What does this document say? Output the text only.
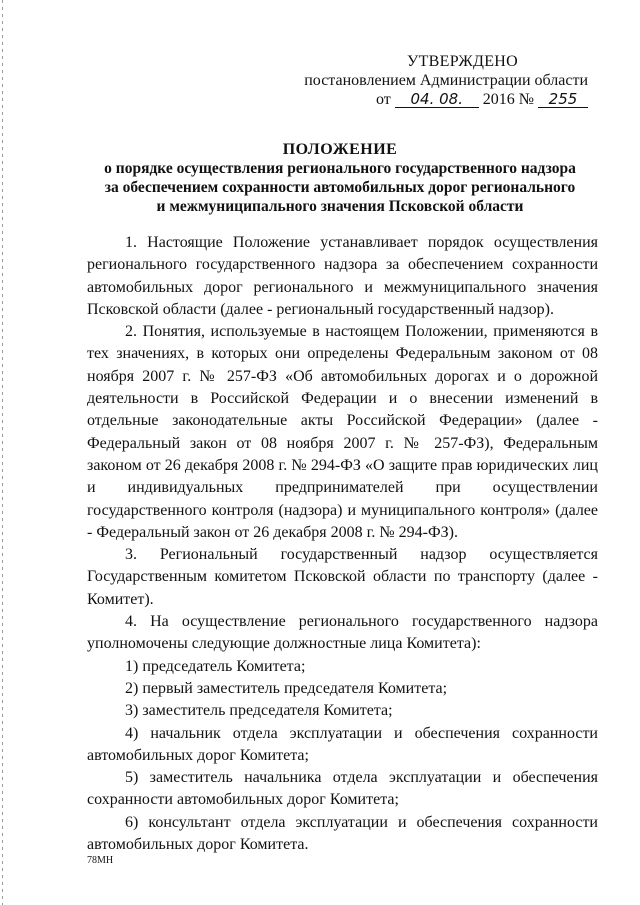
УТВЕРЖДЕНО
постановлением Администрации области
от 04. 08. 2016 № 255
ПОЛОЖЕНИЕ
о порядке осуществления регионального государственного надзора
за обеспечением сохранности автомобильных дорог регионального
и межмуниципального значения Псковской области

1. Настоящие Положение устанавливает порядок осуществления регионального государственного надзора за обеспечением сохранности автомобильных дорог регионального и межмуниципального значения Псковской области (далее - региональный государственный надзор).

2. Понятия, используемые в настоящем Положении, применяются в тех значениях, в которых они определены Федеральным законом от 08 ноября 2007 г. № 257-ФЗ «Об автомобильных дорогах и о дорожной деятельности в Российской Федерации и о внесении изменений в отдельные законодательные акты Российской Федерации» (далее - Федеральный закон от 08 ноября 2007 г. № 257-ФЗ), Федеральным законом от 26 декабря 2008 г. № 294-ФЗ «О защите прав юридических лиц и индивидуальных предпринимателей при осуществлении государственного контроля (надзора) и муниципального контроля» (далее - Федеральный закон от 26 декабря 2008 г. № 294-ФЗ).

3. Региональный государственный надзор осуществляется Государственным комитетом Псковской области по транспорту (далее - Комитет).

4. На осуществление регионального государственного надзора уполномочены следующие должностные лица Комитета):

1) председатель Комитета;

2) первый заместитель председателя Комитета;

3) заместитель председателя Комитета;

4) начальник отдела эксплуатации и обеспечения сохранности автомобильных дорог Комитета;

5) заместитель начальника отдела эксплуатации и обеспечения сохранности автомобильных дорог Комитета;

6) консультант отдела эксплуатации и обеспечения сохранности автомобильных дорог Комитета.

78МН
